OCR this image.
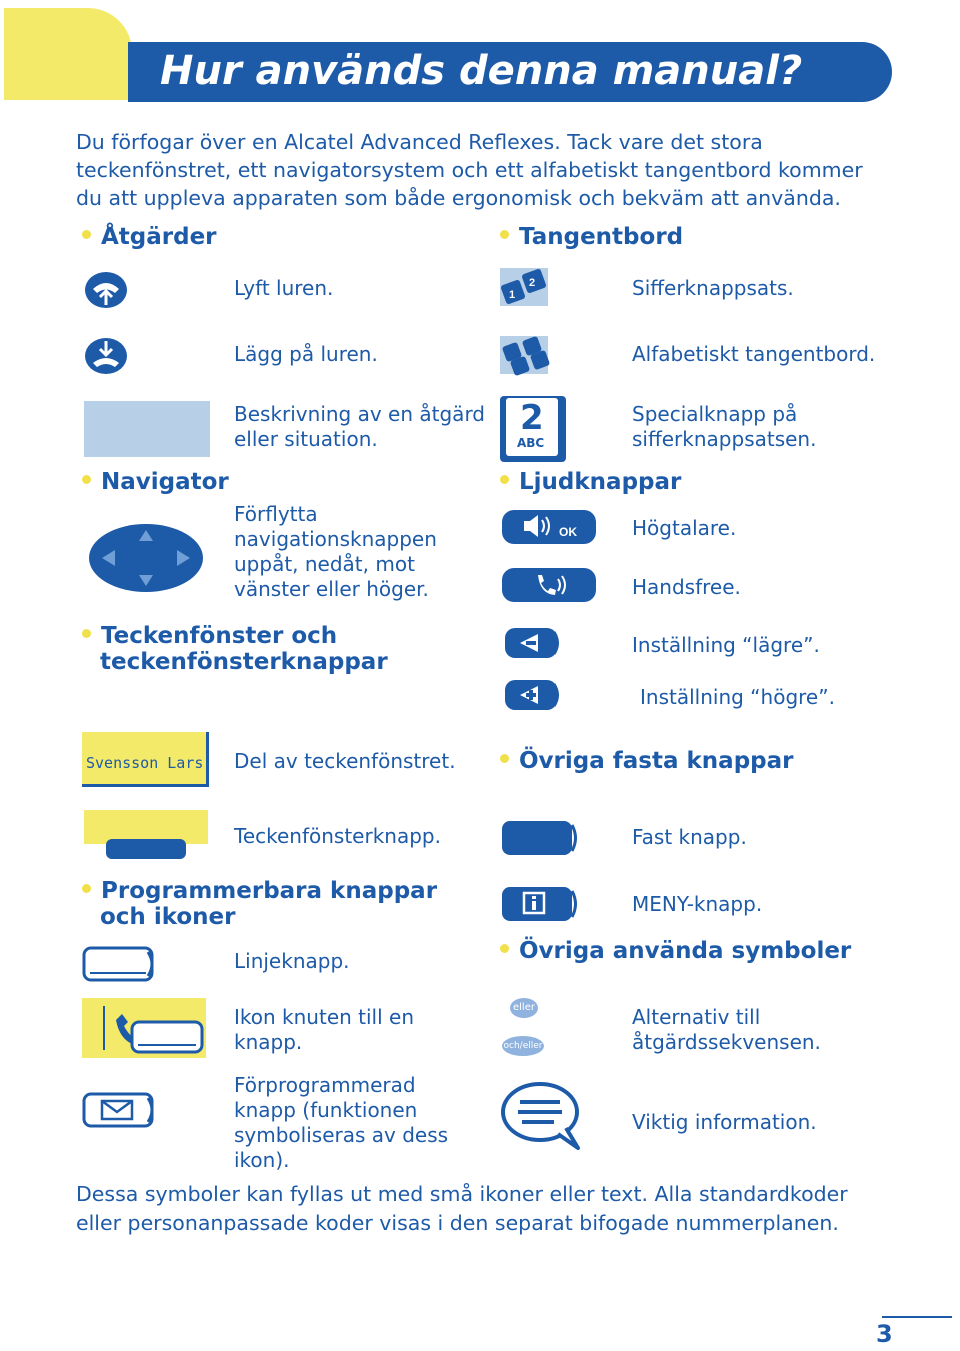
Hur används denna manual?
Du förfogar över en Alcatel Advanced Reflexes. Tack vare det stora teckenfönstret, ett navigatorsystem och ett alfabetiskt tangentbord kommer du att uppleva apparaten som både ergonomisk och bekväm att använda.
Åtgärder
Lyft luren.
Lägg på luren.
Beskrivning av en åtgärd
eller situation.
Navigator
Förflytta
navigationsknappen
uppåt, nedåt, mot
vänster eller höger.
Teckenfönster och
teckenfönsterknappar
Svensson Lars Del av teckenfönstret.
Teckenfönsterknapp.
Programmerbara knappar
och ikoner
Linjeknapp.
Ikon knuten till en
knapp.
Förprogrammerad
knapp (funktionen
symboliseras av dess
ikon).
Tangentbord
1
2	Sifferknappsats.
Alfabetiskt tangentbord.
2
ABC
Specialknapp på
sifferknappsatsen.
Ljudknappar
OK	Högtalare.
Handsfree.
Inställning “lägre”.
Inställning “högre”.
Övriga fasta knappar
Fast knapp.
MENY-knapp.
Övriga använda symboler
eller
och/eller
Alternativ till
åtgärdssekvensen.
Viktig information.
Dessa symboler kan fyllas ut med små ikoner eller text. Alla standardkoder eller personanpassade koder visas i den separat bifogade nummerplanen.
3
